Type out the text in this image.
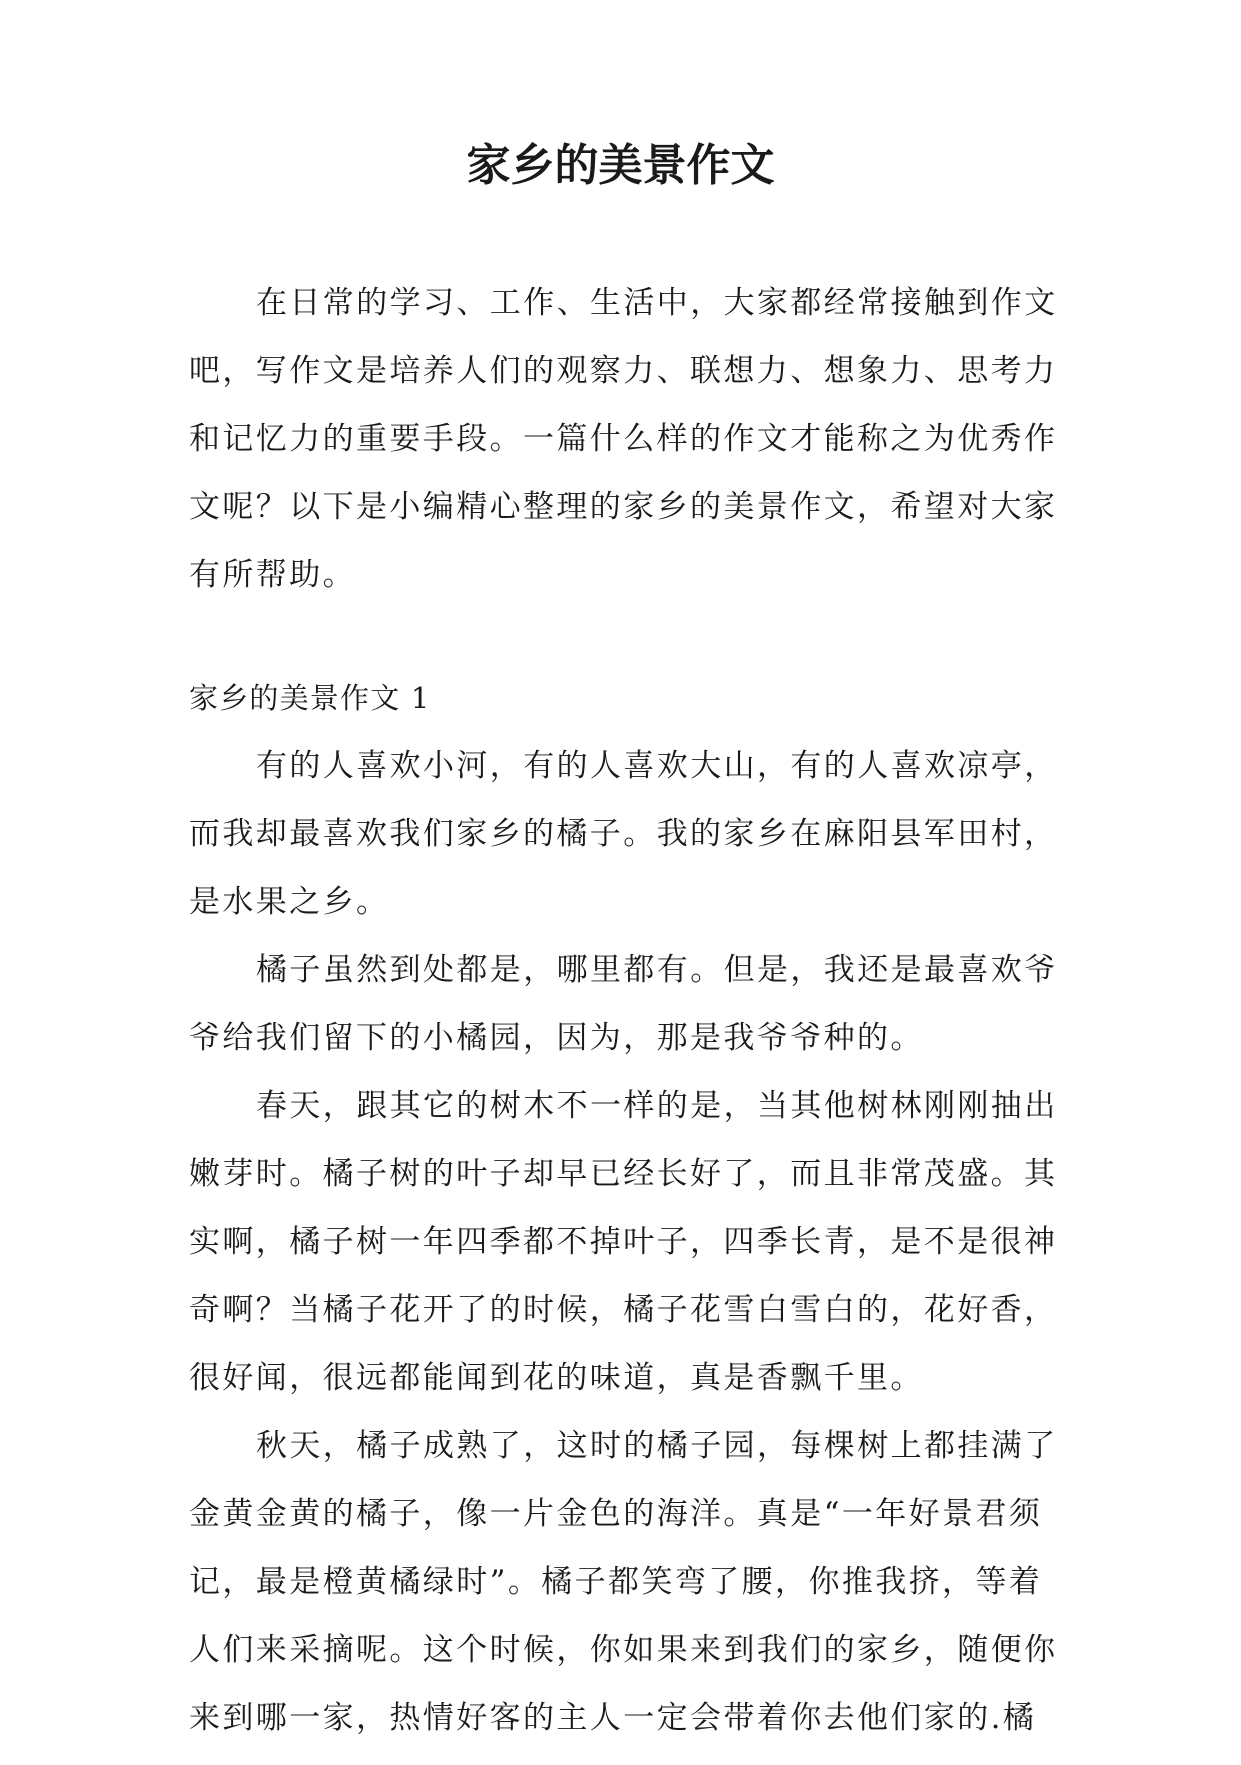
家乡的美景作文
在日常的学习、工作、生活中，大家都经常接触到作文
吧，写作文是培养人们的观察力、联想力、想象力、思考力
和记忆力的重要手段。一篇什么样的作文才能称之为优秀作
文呢？以下是小编精心整理的家乡的美景作文，希望对大家
有所帮助。
家乡的美景作文 1
有的人喜欢小河，有的人喜欢大山，有的人喜欢凉亭，
而我却最喜欢我们家乡的橘子。我的家乡在麻阳县军田村，
是水果之乡。
橘子虽然到处都是，哪里都有。但是，我还是最喜欢爷
爷给我们留下的小橘园，因为，那是我爷爷种的。
春天，跟其它的树木不一样的是，当其他树林刚刚抽出
嫩芽时。橘子树的叶子却早已经长好了，而且非常茂盛。其
实啊，橘子树一年四季都不掉叶子，四季长青，是不是很神
奇啊？当橘子花开了的时候，橘子花雪白雪白的，花好香，
很好闻，很远都能闻到花的味道，真是香飘千里。
秋天，橘子成熟了，这时的橘子园，每棵树上都挂满了
金黄金黄的橘子，像一片金色的海洋。真是“一年好景君须
记，最是橙黄橘绿时”。橘子都笑弯了腰，你推我挤，等着
人们来采摘呢。这个时候，你如果来到我们的家乡，随便你
来到哪一家，热情好客的主人一定会带着你去他们家的.橘
